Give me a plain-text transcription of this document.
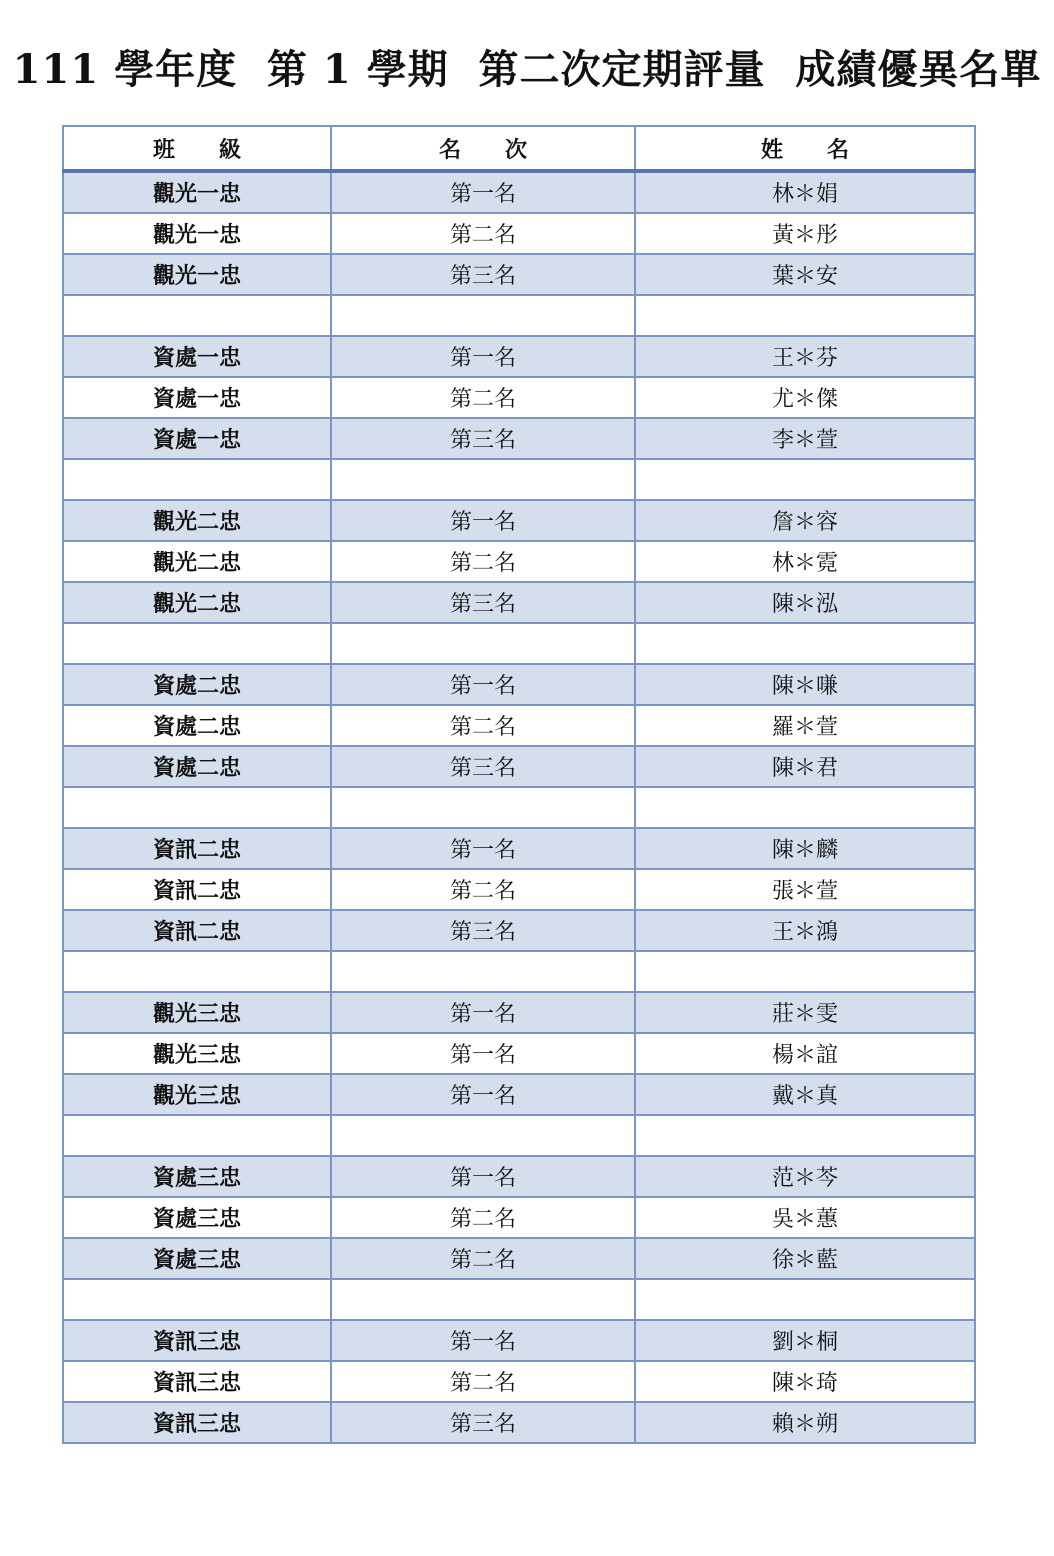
111 學年度  第 1 學期  第二次定期評量  成績優異名單
班　　級	名　　次	姓　　名
觀光一忠	第一名	林＊娟
觀光一忠	第二名	黃＊彤
觀光一忠	第三名	葉＊安

資處一忠	第一名	王＊芬
資處一忠	第二名	尤＊傑
資處一忠	第三名	李＊萱

觀光二忠	第一名	詹＊容
觀光二忠	第二名	林＊霓
觀光二忠	第三名	陳＊泓

資處二忠	第一名	陳＊嗛
資處二忠	第二名	羅＊萱
資處二忠	第三名	陳＊君

資訊二忠	第一名	陳＊麟
資訊二忠	第二名	張＊萱
資訊二忠	第三名	王＊鴻

觀光三忠	第一名	莊＊雯
觀光三忠	第一名	楊＊誼
觀光三忠	第一名	戴＊真

資處三忠	第一名	范＊芩
資處三忠	第二名	吳＊蕙
資處三忠	第二名	徐＊藍

資訊三忠	第一名	劉＊桐
資訊三忠	第二名	陳＊琦
資訊三忠	第三名	賴＊朔
